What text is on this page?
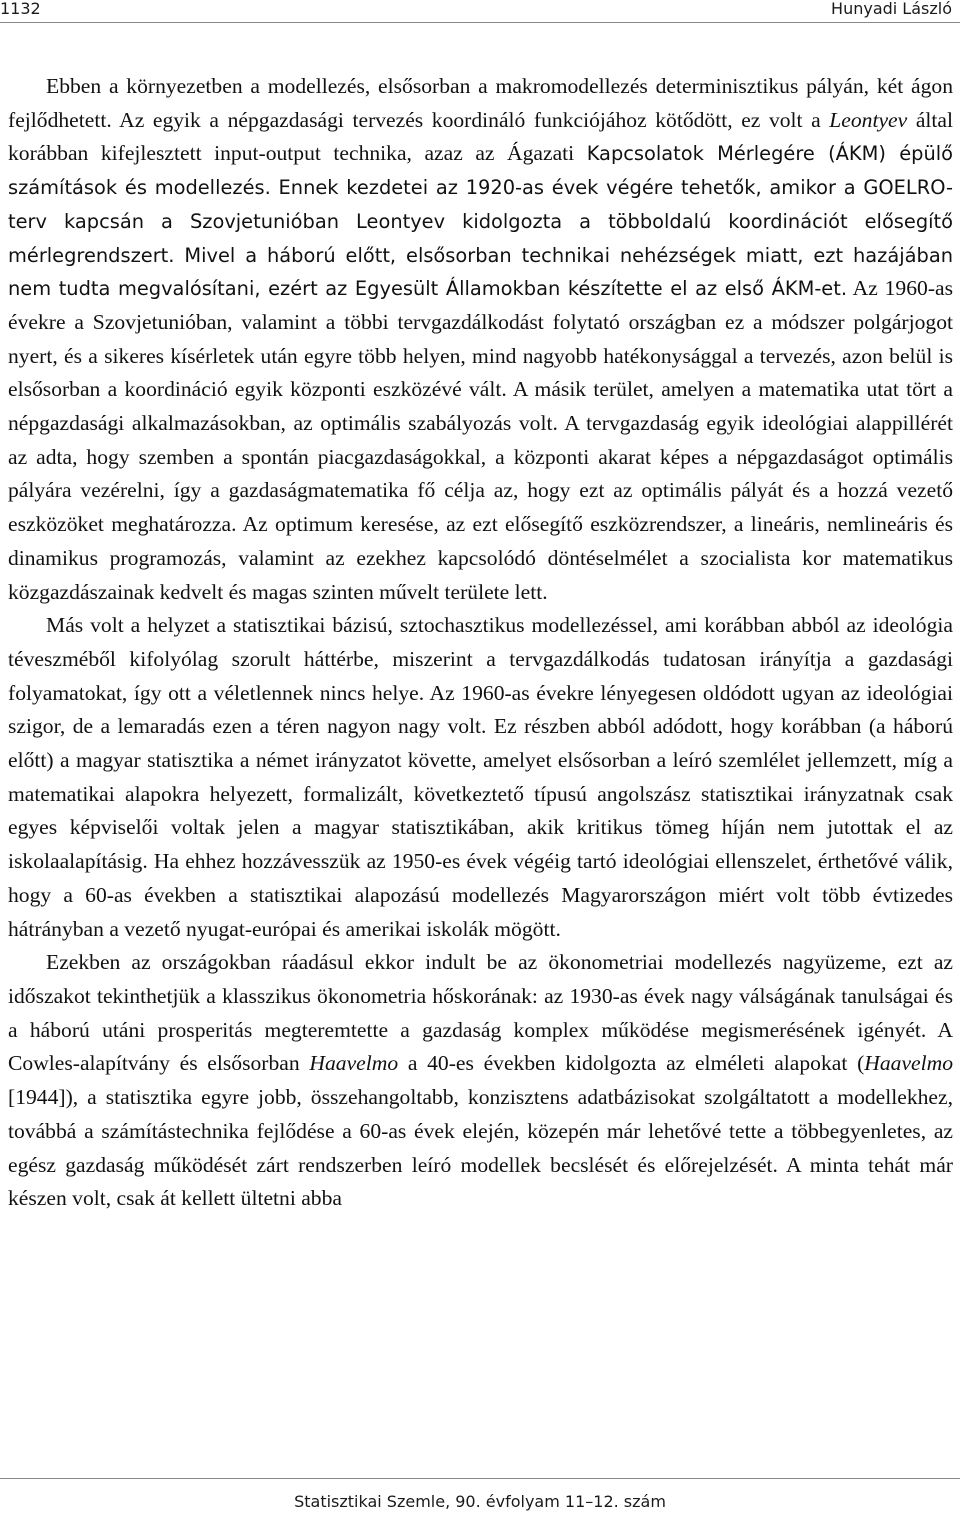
1132	Hunyadi László

Ebben a környezetben a modellezés, elsősorban a makromodellezés determinisztikus pályán, két ágon fejlődhetett. Az egyik a népgazdasági tervezés koordináló funkciójához kötődött, ez volt a Leontyev által korábban kifejlesztett input-output technika, azaz az Ágazati Kapcsolatok Mérlegére (ÁKM) épülő számítások és modellezés. Ennek kezdetei az 1920-as évek végére tehetők, amikor a GOELRO-terv kapcsán a Szovjetunióban Leontyev kidolgozta a többoldalú koordinációt elősegítő mérlegrendszert. Mivel a háború előtt, elsősorban technikai nehézségek miatt, ezt hazájában nem tudta megvalósítani, ezért az Egyesült Államokban készítette el az első ÁKM-et. Az 1960-as évekre a Szovjetunióban, valamint a többi tervgazdálkodást folytató országban ez a módszer polgárjogot nyert, és a sikeres kísérletek után egyre több helyen, mind nagyobb hatékonysággal a tervezés, azon belül is elsősorban a koordináció egyik központi eszközévé vált. A másik terület, amelyen a matematika utat tört a népgazdasági alkalmazásokban, az optimális szabályozás volt. A tervgazdaság egyik ideológiai alappillérét az adta, hogy szemben a spontán piacgazdaságokkal, a központi akarat képes a népgazdaságot optimális pályára vezérelni, így a gazdaságmatematika fő célja az, hogy ezt az optimális pályát és a hozzá vezető eszközöket meghatározza. Az optimum keresése, az ezt elősegítő eszközrendszer, a lineáris, nemlineáris és dinamikus programozás, valamint az ezekhez kapcsolódó döntéselmélet a szocialista kor matematikus közgazdászainak kedvelt és magas szinten művelt területe lett.

Más volt a helyzet a statisztikai bázisú, sztochasztikus modellezéssel, ami korábban abból az ideológia téveszméből kifolyólag szorult háttérbe, miszerint a tervgazdálkodás tudatosan irányítja a gazdasági folyamatokat, így ott a véletlennek nincs helye. Az 1960-as évekre lényegesen oldódott ugyan az ideológiai szigor, de a lemaradás ezen a téren nagyon nagy volt. Ez részben abból adódott, hogy korábban (a háború előtt) a magyar statisztika a német irányzatot követte, amelyet elsősorban a leíró szemlélet jellemzett, míg a matematikai alapokra helyezett, formalizált, következtető típusú angolszász statisztikai irányzatnak csak egyes képviselői voltak jelen a magyar statisztikában, akik kritikus tömeg híján nem jutottak el az iskolaalapításig. Ha ehhez hozzávesszük az 1950-es évek végéig tartó ideológiai ellenszelet, érthetővé válik, hogy a 60-as években a statisztikai alapozású modellezés Magyarországon miért volt több évtizedes hátrányban a vezető nyugat-európai és amerikai iskolák mögött.

Ezekben az országokban ráadásul ekkor indult be az ökonometriai modellezés nagyüzeme, ezt az időszakot tekinthetjük a klasszikus ökonometria hőskorának: az 1930-as évek nagy válságának tanulságai és a háború utáni prosperitás megteremtette a gazdaság komplex működése megismerésének igényét. A Cowles-alapítvány és elsősorban Haavelmo a 40-es években kidolgozta az elméleti alapokat (Haavelmo [1944]), a statisztika egyre jobb, összehangoltabb, konzisztens adatbázisokat szolgáltatott a modellekhez, továbbá a számítástechnika fejlődése a 60-as évek elején, közepén már lehetővé tette a többegyenletes, az egész gazdaság működését zárt rendszerben leíró modellek becslését és előrejelzését. A minta tehát már készen volt, csak át kellett ültetni abba

Statisztikai Szemle, 90. évfolyam 11–12. szám
